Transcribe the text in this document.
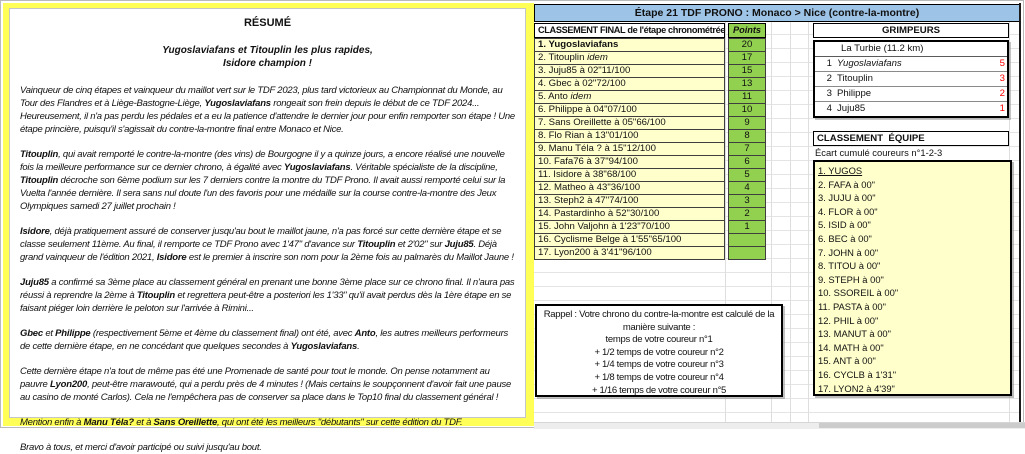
RÉSUMÉ
Yugoslaviafans et Titouplin les plus rapides,
Isidore champion !

Vainqueur de cinq étapes et vainqueur du maillot vert sur le TDF 2023, plus tard victorieux au Championnat du Monde, au Tour des Flandres et à Liège-Bastogne-Liège, Yugoslaviafans rongeait son frein depuis le début de ce TDF 2024... Heureusement, il n'a pas perdu les pédales et a eu la patience d'attendre le dernier jour pour enfin remporter son étape ! Une étape princière, puisqu'il s'agissait du contre-la-montre final entre Monaco et Nice.

Titouplin, qui avait remporté le contre-la-montre (des vins) de Bourgogne il y a quinze jours, a encore réalisé une nouvelle fois la meilleure performance sur ce dernier chrono, à égalité avec Yugoslaviafans. Véritable spécialiste de la discipline, Titouplin décroche son 6ème podium sur les 7 derniers contre la montre du TDF Prono. Il avait aussi remporté celui sur la Vuelta l'année dernière. Il sera sans nul doute l'un des favoris pour une médaille sur la course contre-la-montre des Jeux Olympiques samedi 27 juillet prochain !

Isidore, déjà pratiquement assuré de conserver jusqu'au bout le maillot jaune, n'a pas forcé sur cette dernière étape et se classe seulement 11ème. Au final, il remporte ce TDF Prono avec 1'47" d'avance sur Titouplin et 2'02" sur Juju85. Déjà grand vainqueur de l'édition 2021, Isidore est le premier à inscrire son nom pour la 2ème fois au palmarès du Maillot Jaune !

Juju85 a confirmé sa 3ème place au classement général en prenant une bonne 3ème place sur ce chrono final. Il n'aura pas réussi à reprendre la 2ème à Titouplin et regrettera peut-être a posteriori les 1'33" qu'il avait perdus dès la 1ère étape en se faisant piéger loin derrière le peloton sur l'arrivée à Rimini...

Gbec et Philippe (respectivement 5ème et 4ème du classement final) ont été, avec Anto, les autres meilleurs performeurs de cette dernière étape, en ne concédant que quelques secondes à Yugoslaviafans.

Cette dernière étape n'a tout de même pas été une Promenade de santé pour tout le monde. On pense notamment au pauvre Lyon200, peut-être marawouté, qui a perdu près de 4 minutes ! (Mais certains le soupçonnent d'avoir fait une pause au casino de monté Carlos). Cela ne l'empêchera pas de conserver sa place dans le Top10 final du classement général !

Mention enfin à Manu Téla? et à Sans Oreillette, qui ont été les meilleurs "débutants" sur cette édition du TDF.

Bravo à tous, et merci d'avoir participé ou suivi jusqu'au bout.

Étape 21 TDF PRONO : Monaco > Nice (contre-la-montre)
CLASSEMENT FINAL de l'étape chronométrée Points
1. Yugoslaviafans	20
2. Titouplin idem	17
3. Juju85 à 02"11/100	15
4. Gbec à 02"72/100	13
5. Anto idem	11
6. Philippe à 04"07/100	10
7. Sans Oreillette à 05"66/100	9
8. Flo Rian à 13"01/100	8
9. Manu Téla ? à 15"12/100	7
10. Fafa76 à 37"94/100	6
11. Isidore à 38"68/100	5
12. Matheo à 43"36/100	4
13. Steph2 à 47"74/100	3
14. Pastardinho à 52"30/100	2
15. John Valjohn à 1'23"70/100	1
16. Cyclisme Belge à 1'55"65/100
17. Lyon200 à 3'41"96/100
GRIMPEURS
La Turbie (11.2 km)
1 Yugoslaviafans	5
2 Titouplin	3
3 Philippe	2
4 Juju85	1
CLASSEMENT  ÉQUIPE
Écart cumulé coureurs n°1-2-3
1. YUGOS
2. FAFA à 00"
3. JUJU à 00"
4. FLOR à 00"
5. ISID à 00"
6. BEC à 00"
7. JOHN à 00"
8. TITOU à 00"
9. STEPH à 00"
10. SSOREIL à 00"
11. PASTA à 00"
12. PHIL à 00"
13. MANUT à 00"
14. MATH à 00"
15. ANT à 00"
16. CYCLB à 1'31"
17. LYON2 à 4'39"
Rappel : Votre chrono du contre-la-montre est calculé de la manière suivante :
temps de votre coureur n°1
+ 1/2 temps de votre coureur n°2
+ 1/4 temps de votre coureur n°3
+ 1/8 temps de votre coureur n°4
+ 1/16 temps de votre coureur n°5
